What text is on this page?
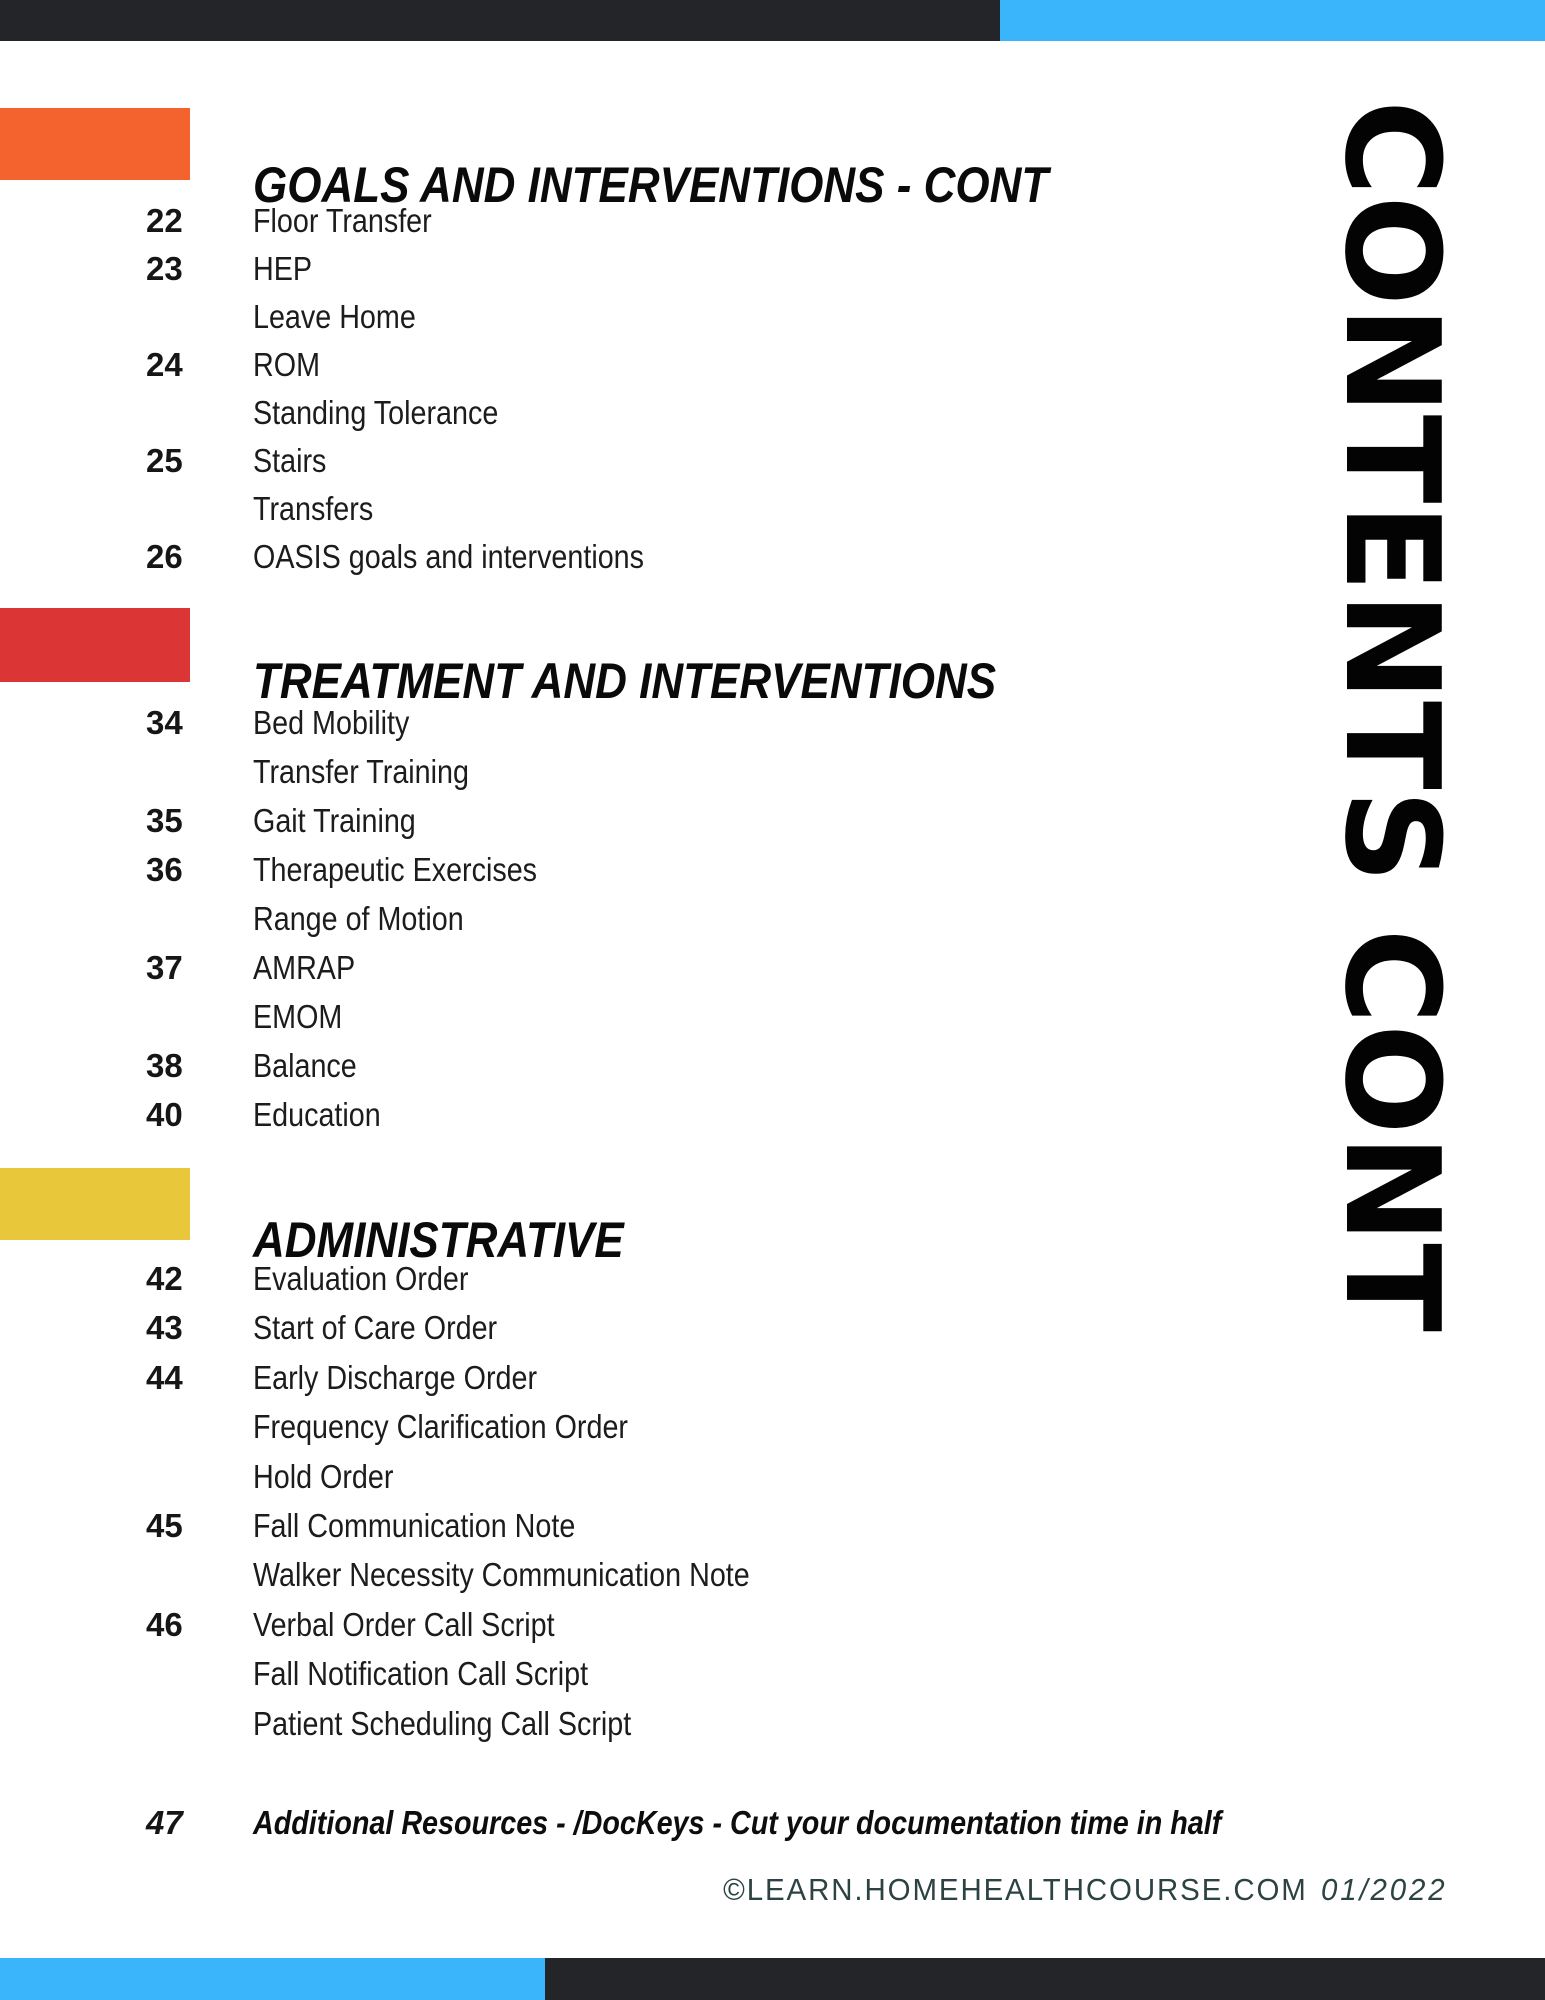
GOALS AND INTERVENTIONS - CONT
TREATMENT AND INTERVENTIONS
ADMINISTRATIVE
22	Floor Transfer
23	HEP
Leave Home
24	ROM
Standing Tolerance
25	Stairs
Transfers
26	OASIS goals and interventions
34	Bed Mobility
Transfer Training
35	Gait Training
36	Therapeutic Exercises
Range of Motion
37	AMRAP
EMOM
38	Balance
40	Education
42	Evaluation Order
43	Start of Care Order
44	Early Discharge Order
Frequency Clarification Order
Hold Order
45	Fall Communication Note
Walker Necessity Communication Note
46	Verbal Order Call Script
Fall Notification Call Script
Patient Scheduling Call Script
47	Additional Resources - /DocKeys - Cut your documentation time in half
©LEARN.HOMEHEALTHCOURSE.COM 01/2022
CONTENTS CONT
